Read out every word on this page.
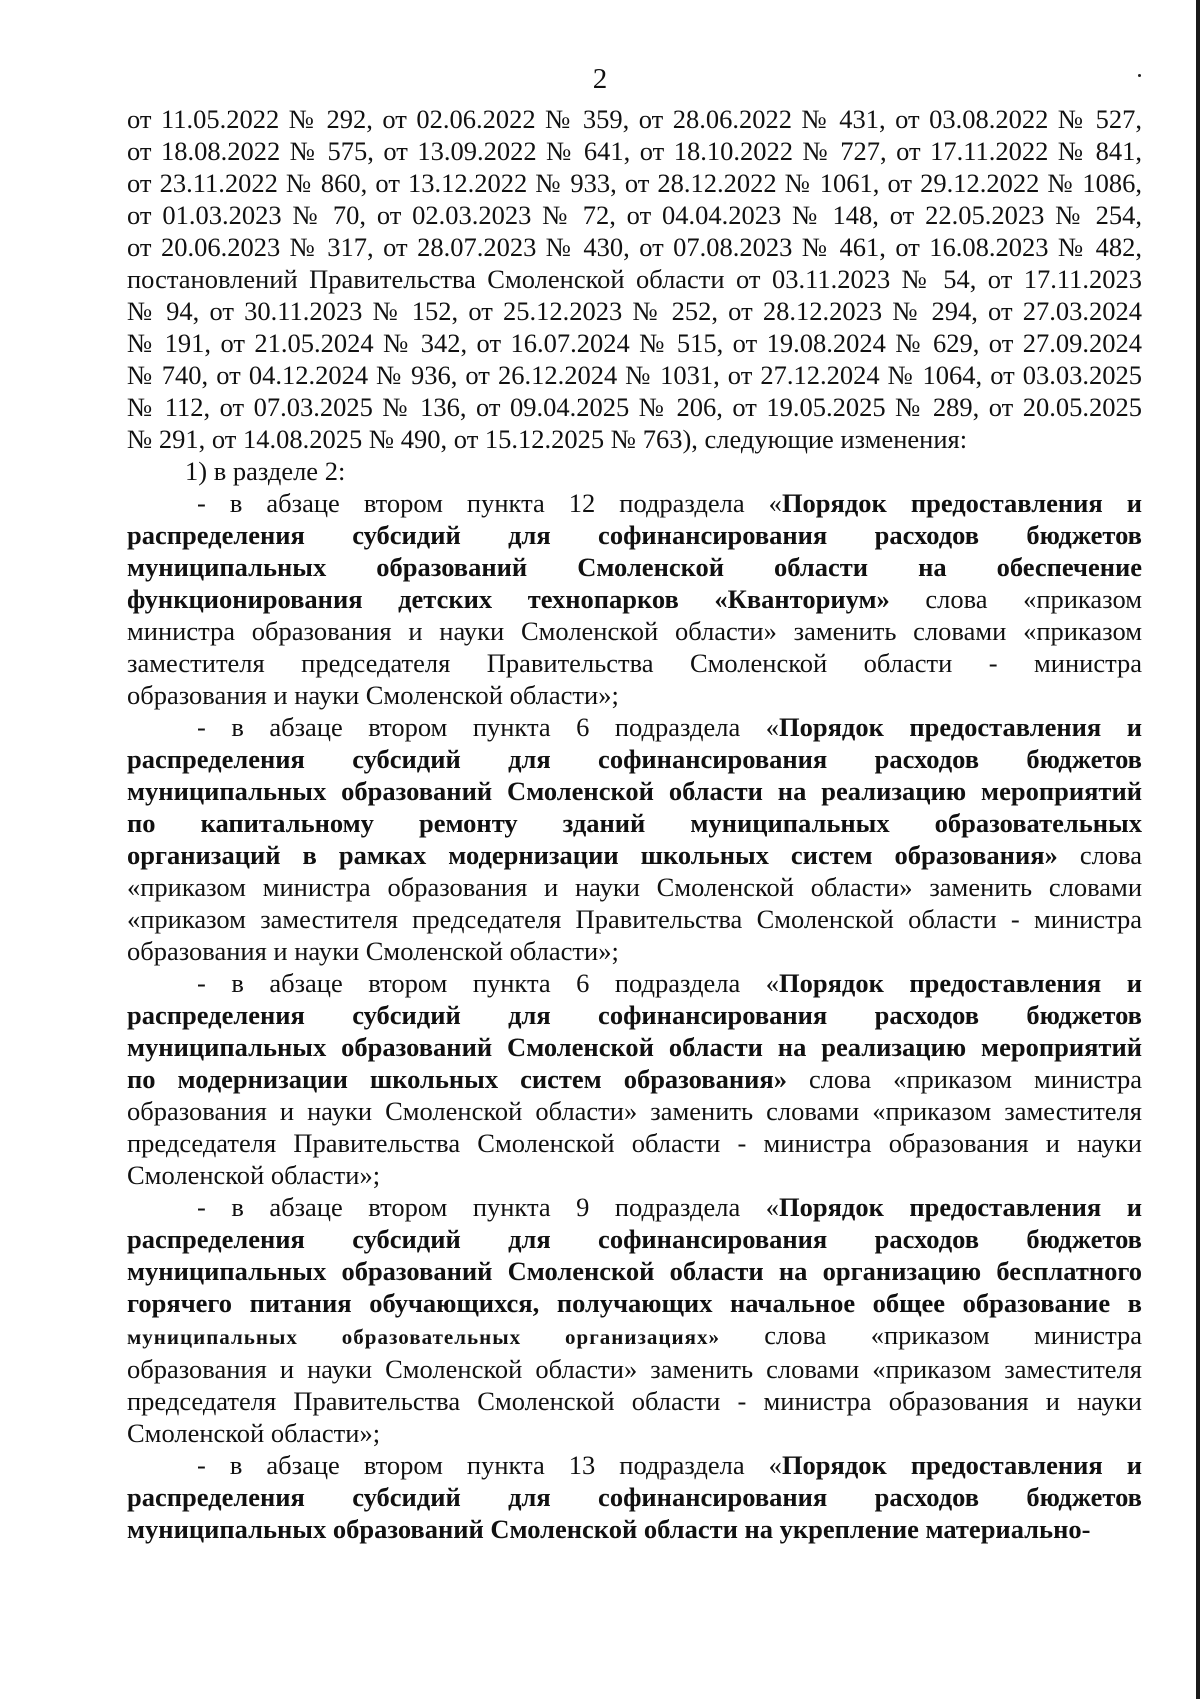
2
от 11.05.2022 № 292, от 02.06.2022 № 359, от 28.06.2022 № 431, от 03.08.2022 № 527,
от 18.08.2022 № 575, от 13.09.2022 № 641, от 18.10.2022 № 727, от 17.11.2022 № 841,
от 23.11.2022 № 860, от 13.12.2022 № 933, от 28.12.2022 № 1061, от 29.12.2022 № 1086,
от 01.03.2023 № 70, от 02.03.2023 № 72, от 04.04.2023 № 148, от 22.05.2023 № 254,
от 20.06.2023 № 317, от 28.07.2023 № 430, от 07.08.2023 № 461, от 16.08.2023 № 482,
постановлений Правительства Смоленской области от 03.11.2023 № 54, от 17.11.2023
№ 94, от 30.11.2023 № 152, от 25.12.2023 № 252, от 28.12.2023 № 294, от 27.03.2024
№ 191, от 21.05.2024 № 342, от 16.07.2024 № 515, от 19.08.2024 № 629, от 27.09.2024
№ 740, от 04.12.2024 № 936, от 26.12.2024 № 1031, от 27.12.2024 № 1064, от 03.03.2025
№ 112, от 07.03.2025 № 136, от 09.04.2025 № 206, от 19.05.2025 № 289, от 20.05.2025
№ 291, от 14.08.2025 № 490, от 15.12.2025 № 763), следующие изменения:
1) в разделе 2:
- в абзаце втором пункта 12 подраздела «Порядок предоставления и
распределения субсидий для софинансирования расходов бюджетов
муниципальных образований Смоленской области на обеспечение
функционирования детских технопарков «Кванториум» слова «приказом
министра образования и науки Смоленской области» заменить словами «приказом
заместителя председателя Правительства Смоленской области - министра
образования и науки Смоленской области»;
- в абзаце втором пункта 6 подраздела «Порядок предоставления и
распределения субсидий для софинансирования расходов бюджетов
муниципальных образований Смоленской области на реализацию мероприятий
по капитальному ремонту зданий муниципальных образовательных
организаций в рамках модернизации школьных систем образования» слова
«приказом министра образования и науки Смоленской области» заменить словами
«приказом заместителя председателя Правительства Смоленской области - министра
образования и науки Смоленской области»;
- в абзаце втором пункта 6 подраздела «Порядок предоставления и
распределения субсидий для софинансирования расходов бюджетов
муниципальных образований Смоленской области на реализацию мероприятий
по модернизации школьных систем образования» слова «приказом министра
образования и науки Смоленской области» заменить словами «приказом заместителя
председателя Правительства Смоленской области - министра образования и науки
Смоленской области»;
- в абзаце втором пункта 9 подраздела «Порядок предоставления и
распределения субсидий для софинансирования расходов бюджетов
муниципальных образований Смоленской области на организацию бесплатного
горячего питания обучающихся, получающих начальное общее образование в
муниципальных образовательных организациях» слова «приказом министра
образования и науки Смоленской области» заменить словами «приказом заместителя
председателя Правительства Смоленской области - министра образования и науки
Смоленской области»;
- в абзаце втором пункта 13 подраздела «Порядок предоставления и
распределения субсидий для софинансирования расходов бюджетов
муниципальных образований Смоленской области на укрепление материально-
